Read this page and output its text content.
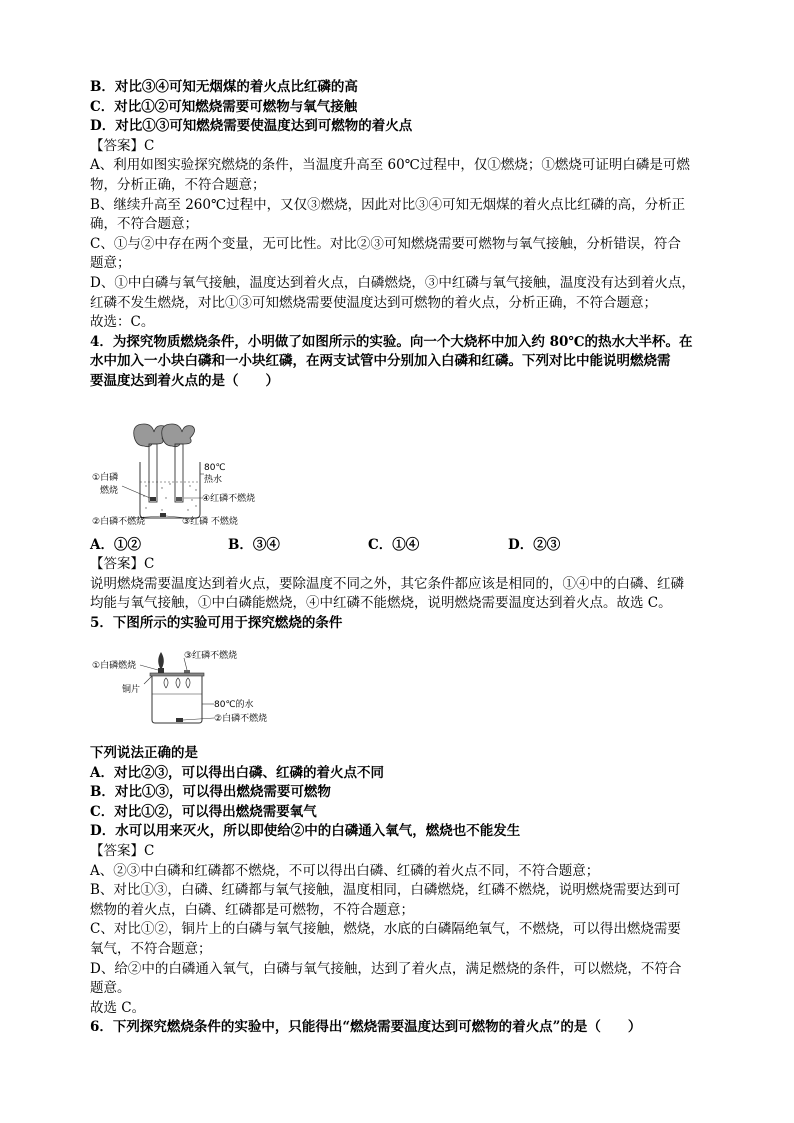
B．对比③④可知无烟煤的着火点比红磷的高
C．对比①②可知燃烧需要可燃物与氧气接触
D．对比①③可知燃烧需要使温度达到可燃物的着火点
【答案】C
A、利用如图实验探究燃烧的条件，当温度升高至 60℃过程中，仅①燃烧；①燃烧可证明白磷是可燃
物，分析正确，不符合题意；
B、继续升高至 260℃过程中，又仅③燃烧，因此对比③④可知无烟煤的着火点比红磷的高，分析正
确，不符合题意；
C、①与②中存在两个变量，无可比性。对比②③可知燃烧需要可燃物与氧气接触，分析错误，符合
题意；
D、①中白磷与氧气接触，温度达到着火点，白磷燃烧，③中红磷与氧气接触，温度没有达到着火点，
红磷不发生燃烧，对比①③可知燃烧需要使温度达到可燃物的着火点，分析正确，不符合题意；
故选：C。
4．为探究物质燃烧条件，小明做了如图所示的实验。向一个大烧杯中加入约 80℃的热水大半杯。在
水中加入一小块白磷和一小块红磷，在两支试管中分别加入白磷和红磷。下列对比中能说明燃烧需
要温度达到着火点的是（　　）
①白磷
燃烧
80℃
热水
④红磷不燃烧
②白磷不燃烧	③红磷 不燃烧
A．①②	B．③④	C．①④	D．②③
【答案】C
说明燃烧需要温度达到着火点，要除温度不同之外，其它条件都应该是相同的，①④中的白磷、红磷
均能与氧气接触，①中白磷能燃烧，④中红磷不能燃烧，说明燃烧需要温度达到着火点。故选 C。
5．下图所示的实验可用于探究燃烧的条件
③红磷不燃烧
①白磷燃烧
铜片
80℃的水
②白磷不燃烧
下列说法正确的是
A．对比②③，可以得出白磷、红磷的着火点不同
B．对比①③，可以得出燃烧需要可燃物
C．对比①②，可以得出燃烧需要氧气
D．水可以用来灭火，所以即使给②中的白磷通入氧气，燃烧也不能发生
【答案】C
A、②③中白磷和红磷都不燃烧，不可以得出白磷、红磷的着火点不同，不符合题意；
B、对比①③，白磷、红磷都与氧气接触，温度相同，白磷燃烧，红磷不燃烧，说明燃烧需要达到可
燃物的着火点，白磷、红磷都是可燃物，不符合题意；
C、对比①②，铜片上的白磷与氧气接触，燃烧，水底的白磷隔绝氧气，不燃烧，可以得出燃烧需要
氧气，不符合题意；
D、给②中的白磷通入氧气，白磷与氧气接触，达到了着火点，满足燃烧的条件，可以燃烧，不符合
题意。
故选 C。
6．下列探究燃烧条件的实验中，只能得出“燃烧需要温度达到可燃物的着火点”的是（　　）
